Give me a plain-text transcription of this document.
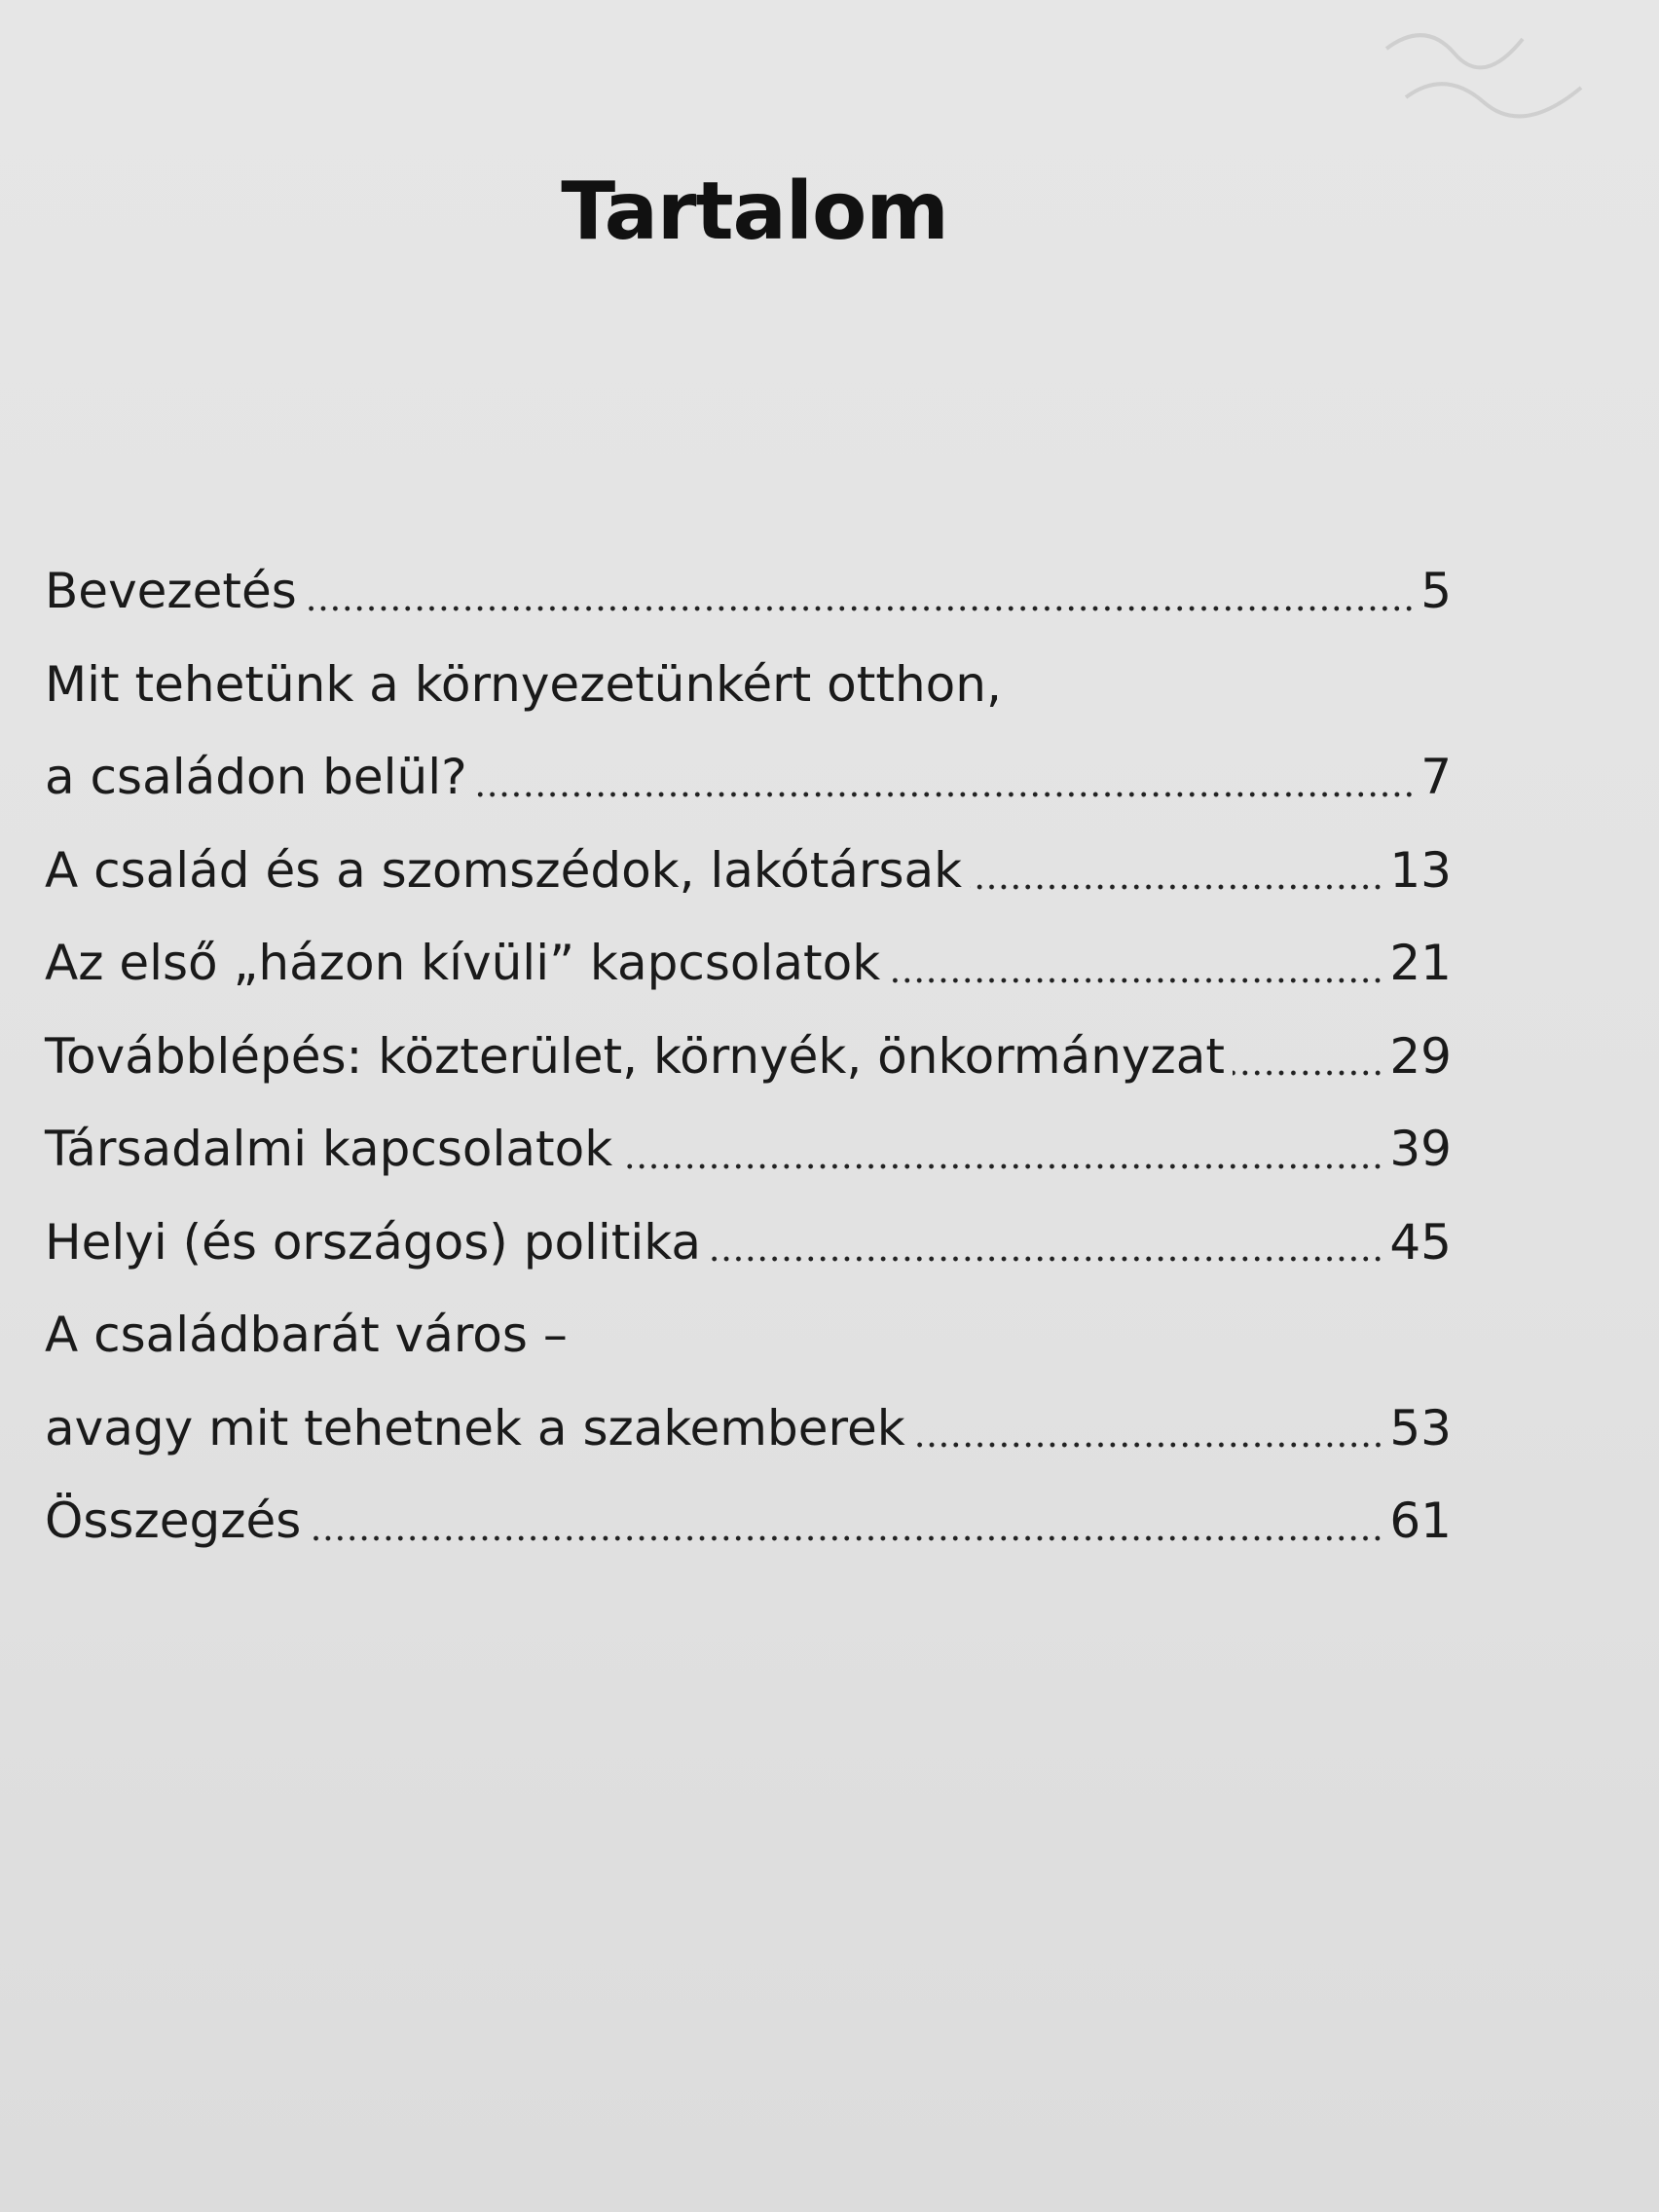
Tartalom
Bevezetés	5
Mit tehetünk a környezetünkért otthon,
a családon belül?	7
A család és a szomszédok, lakótársak	13
Az első „házon kívüli” kapcsolatok	21
Továbblépés: közterület, környék, önkormányzat	29
Társadalmi kapcsolatok	39
Helyi (és országos) politika	45
A családbarát város –
avagy mit tehetnek a szakemberek	53
Összegzés	61
